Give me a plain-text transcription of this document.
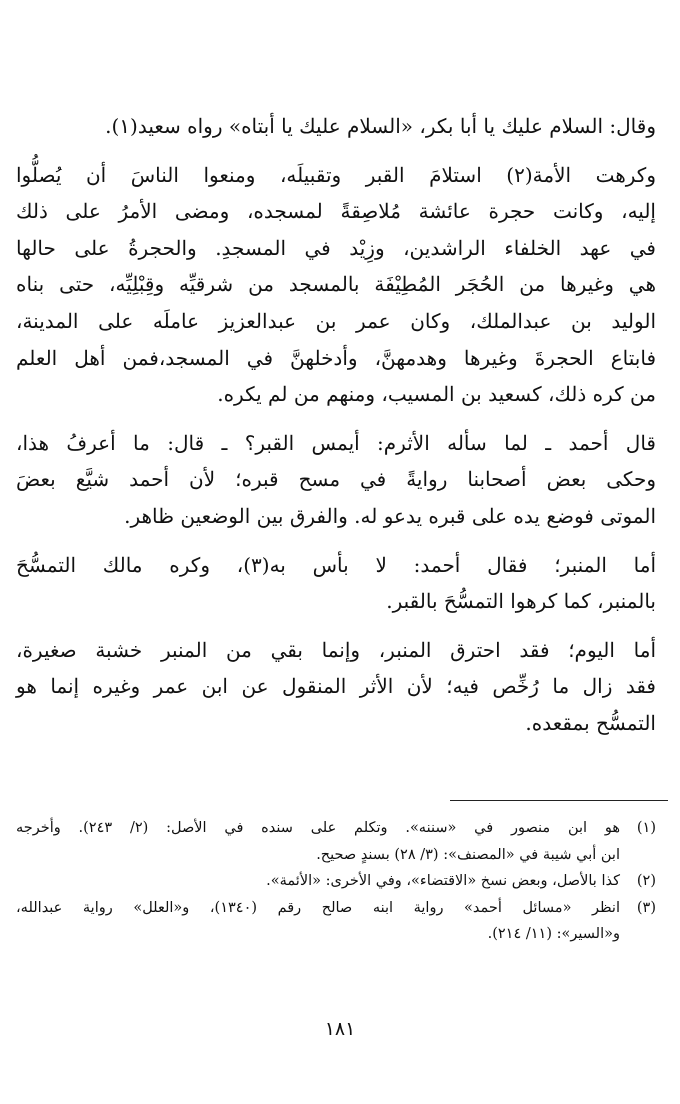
وقال: السلام عليك يا أبا بكر، «السلام عليك يا أبتاه» رواه سعيد(١).
وكرهت الأمة(٢) استلامَ القبر وتقبيلَه، ومنعوا الناسَ أن يُصلُّوا
إليه، وكانت حجرة عائشة مُلاصِقةً لمسجده، ومضى الأمرُ على ذلك
في عهد الخلفاء الراشدين، وزِيْد في المسجدِ. والحجرةُ على حالها
هي وغيرها من الحُجَر المُطِيْفَة بالمسجد من شرقيِّه وقِبْلِيِّه، حتى بناه
الوليد بن عبدالملك، وكان عمر بن عبدالعزيز عاملَه على المدينة،
فابتاع الحجرةَ وغيرها وهدمهنَّ، وأدخلهنَّ في المسجد،فمن أهل العلم
من كره ذلك، كسعيد بن المسيب، ومنهم من لم يكره.
قال أحمد ـ لما سأله الأثرم: أيمس القبر؟ ـ قال: ما أعرفُ هذا،
وحكى بعض أصحابنا روايةً في مسح قبره؛ لأن أحمد شيَّع بعضَ
الموتى فوضع يده على قبره يدعو له. والفرق بين الوضعين ظاهر.
أما المنبر؛ فقال أحمد: لا بأس به(٣)، وكره مالك التمسُّحَ
بالمنبر، كما كرهوا التمسُّحَ بالقبر.
أما اليوم؛ فقد احترق المنبر، وإنما بقي من المنبر خشبة صغيرة،
فقد زال ما رُخِّص فيه؛ لأن الأثر المنقول عن ابن عمر وغيره إنما هو
التمسُّح بمقعده.
(١)
هو ابن منصور في «سننه». وتكلم على سنده في الأصل: (٢/ ٢٤٣). وأخرجه
ابن أبي شيبة في «المصنف»: (٣/ ٢٨) بسندٍ صحيح.
(٢)
كذا بالأصل، وبعض نسخ «الاقتضاء»، وفي الأخرى: «الأئمة».
(٣)
انظر «مسائل أحمد» رواية ابنه صالح رقم (١٣٤٠)، و«العلل» رواية عبدالله،
و«السير»: (١١/ ٢١٤).
١٨١
